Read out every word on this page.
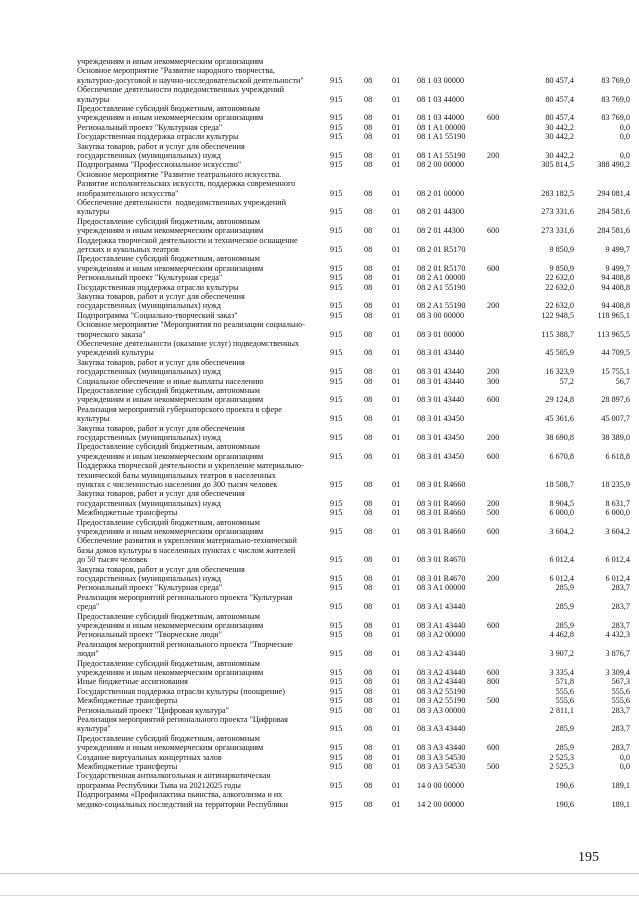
учреждениям и иным некоммерческим организациям
Основное мероприятие "Развитие народного творчества,
культурно-досуговой и научно-исследовательской деятельности"	915	08	01	08 1 03 00000	80 457,4	83 769,0
Обеспечение деятельности подведомственных учреждений
культуры	915	08	01	08 1 03 44000	80 457,4	83 769,0
Предоставление субсидий бюджетным, автономным
учреждениям и иным некоммерческим организациям	915	08	01	08 1 03 44000	600	80 457,4	83 769,0
Региональный проект "Культурная среда"	915	08	01	08 1 A1 00000	30 442,2	0,0
Государственная поддержка отрасли культуры	915	08	01	08 1 A1 55190	30 442,2	0,0
Закупка товаров, работ и услуг для обеспечения
государственных (муниципальных) нужд	915	08	01	08 1 A1 55190	200	30 442,2	0,0
Подпрограмма "Профессиональное искусство"	915	08	01	08 2 00 00000	305 814,5	388 490,2
Основное мероприятие "Развитие театрального искусства.
Развитие исполнительских искусств, поддержка современного
изобразительного искусства"	915	08	01	08 2 01 00000	283 182,5	294 081,4
Обеспечение деятельности  подведомственных учреждений
культуры	915	08	01	08 2 01 44300	273 331,6	284 581,6
Предоставление субсидий бюджетным, автономным
учреждениям и иным некоммерческим организациям	915	08	01	08 2 01 44300	600	273 331,6	284 581,6
Поддержка творческой деятельности и техническое оснащение
детских и кукольных театров	915	08	01	08 2 01 R5170	9 850,9	9 499,7
Предоставление субсидий бюджетным, автономным
учреждениям и иным некоммерческим организациям	915	08	01	08 2 01 R5170	600	9 850,9	9 499,7
Региональный проект "Культурная среда"	915	08	01	08 2 A1 00000	22 632,0	94 408,8
Государственная поддержка отрасли культуры	915	08	01	08 2 A1 55190	22 632,0	94 408,8
Закупка товаров, работ и услуг для обеспечения
государственных (муниципальных) нужд	915	08	01	08 2 A1 55190	200	22 632,0	94 408,8
Подпрограмма "Социально-творческий заказ"	915	08	01	08 3 00 00000	122 948,5	118 965,1
Основное мероприятие "Мероприятия по реализации социально-
творческого заказа"	915	08	01	08 3 01 00000	115 388,7	113 965,5
Обеспечение деятельности (оказание услуг) подведомственных
учреждений культуры	915	08	01	08 3 01 43440	45 505,9	44 709,5
Закупка товаров, работ и услуг для обеспечения
государственных (муниципальных) нужд	915	08	01	08 3 01 43440	200	16 323,9	15 755,1
Социальное обеспечение и иные выплаты населению	915	08	01	08 3 01 43440	300	57,2	56,7
Предоставление субсидий бюджетным, автономным
учреждениям и иным некоммерческим организациям	915	08	01	08 3 01 43440	600	29 124,8	28 897,6
Реализация мероприятий губернаторского проекта в сфере
культуры	915	08	01	08 3 01 43450	45 361,6	45 007,7
Закупка товаров, работ и услуг для обеспечения
государственных (муниципальных) нужд	915	08	01	08 3 01 43450	200	38 690,8	38 389,0
Предоставление субсидий бюджетным, автономным
учреждениям и иным некоммерческим организациям	915	08	01	08 3 01 43450	600	6 670,8	6 618,8
Поддержка творческой деятельности и укрепление материально-
технической базы муниципальных театров в населенных
пунктах с численностью населения до 300 тысяч человек	915	08	01	08 3 01 R4660	18 508,7	18 235,9
Закупка товаров, работ и услуг для обеспечения
государственных (муниципальных) нужд	915	08	01	08 3 01 R4660	200	8 904,5	8 631,7
Межбюджетные трансферты	915	08	01	08 3 01 R4660	500	6 000,0	6 000,0
Предоставление субсидий бюджетным, автономным
учреждениям и иным некоммерческим организациям	915	08	01	08 3 01 R4660	600	3 604,2	3 604,2
Обеспечение развития и укрепления материально-технической
базы домов культуры в населенных пунктах с числом жителей
до 50 тысяч человек	915	08	01	08 3 01 R4670	6 012,4	6 012,4
Закупка товаров, работ и услуг для обеспечения
государственных (муниципальных) нужд	915	08	01	08 3 01 R4670	200	6 012,4	6 012,4
Региональный проект "Культурная среда"	915	08	01	08 3 A1 00000	285,9	283,7
Реализация мероприятий регионального проекта "Культурная
среда"	915	08	01	08 3 A1 43440	285,9	283,7
Предоставление субсидий бюджетным, автономным
учреждениям и иным некоммерческим организациям	915	08	01	08 3 A1 43440	600	285,9	283,7
Региональный проект "Творческие люди"	915	08	01	08 3 A2 00000	4 462,8	4 432,3
Реализация мероприятий регионального проекта "Творческие
люди"	915	08	01	08 3 A2 43440	3 907,2	3 876,7
Предоставление субсидий бюджетным, автономным
учреждениям и иным некоммерческим организациям	915	08	01	08 3 A2 43440	600	3 335,4	3 309,4
Иные бюджетные ассигнования	915	08	01	08 3 A2 43440	800	571,8	567,3
Государственная поддержка отрасли культуры (поощрение)	915	08	01	08 3 A2 55190	555,6	555,6
Межбюджетные трансферты	915	08	01	08 3 A2 55190	500	555,6	555,6
Региональный проект "Цифровая культура"	915	08	01	08 3 A3 00000	2 811,1	283,7
Реализация мероприятий регионального проекта "Цифровая
культура"	915	08	01	08 3 A3 43440	285,9	283,7
Предоставление субсидий бюджетным, автономным
учреждениям и иным некоммерческим организациям	915	08	01	08 3 A3 43440	600	285,9	283,7
Создание виртуальных концертных залов	915	08	01	08 3 A3 54530	2 525,3	0,0
Межбюджетные трансферты	915	08	01	08 3 A3 54530	500	2 525,3	0,0
Государственная антиалкогольная и антинаркотическая
программа Республики Тыва на 20212025 годы	915	08	01	14 0 00 00000	190,6	189,1
Подпрограмма «Профилактика пьянства, алкоголизма и их
медико-социальных последствий на территории Республики	915	08	01	14 2 00 00000	190,6	189,1
195
